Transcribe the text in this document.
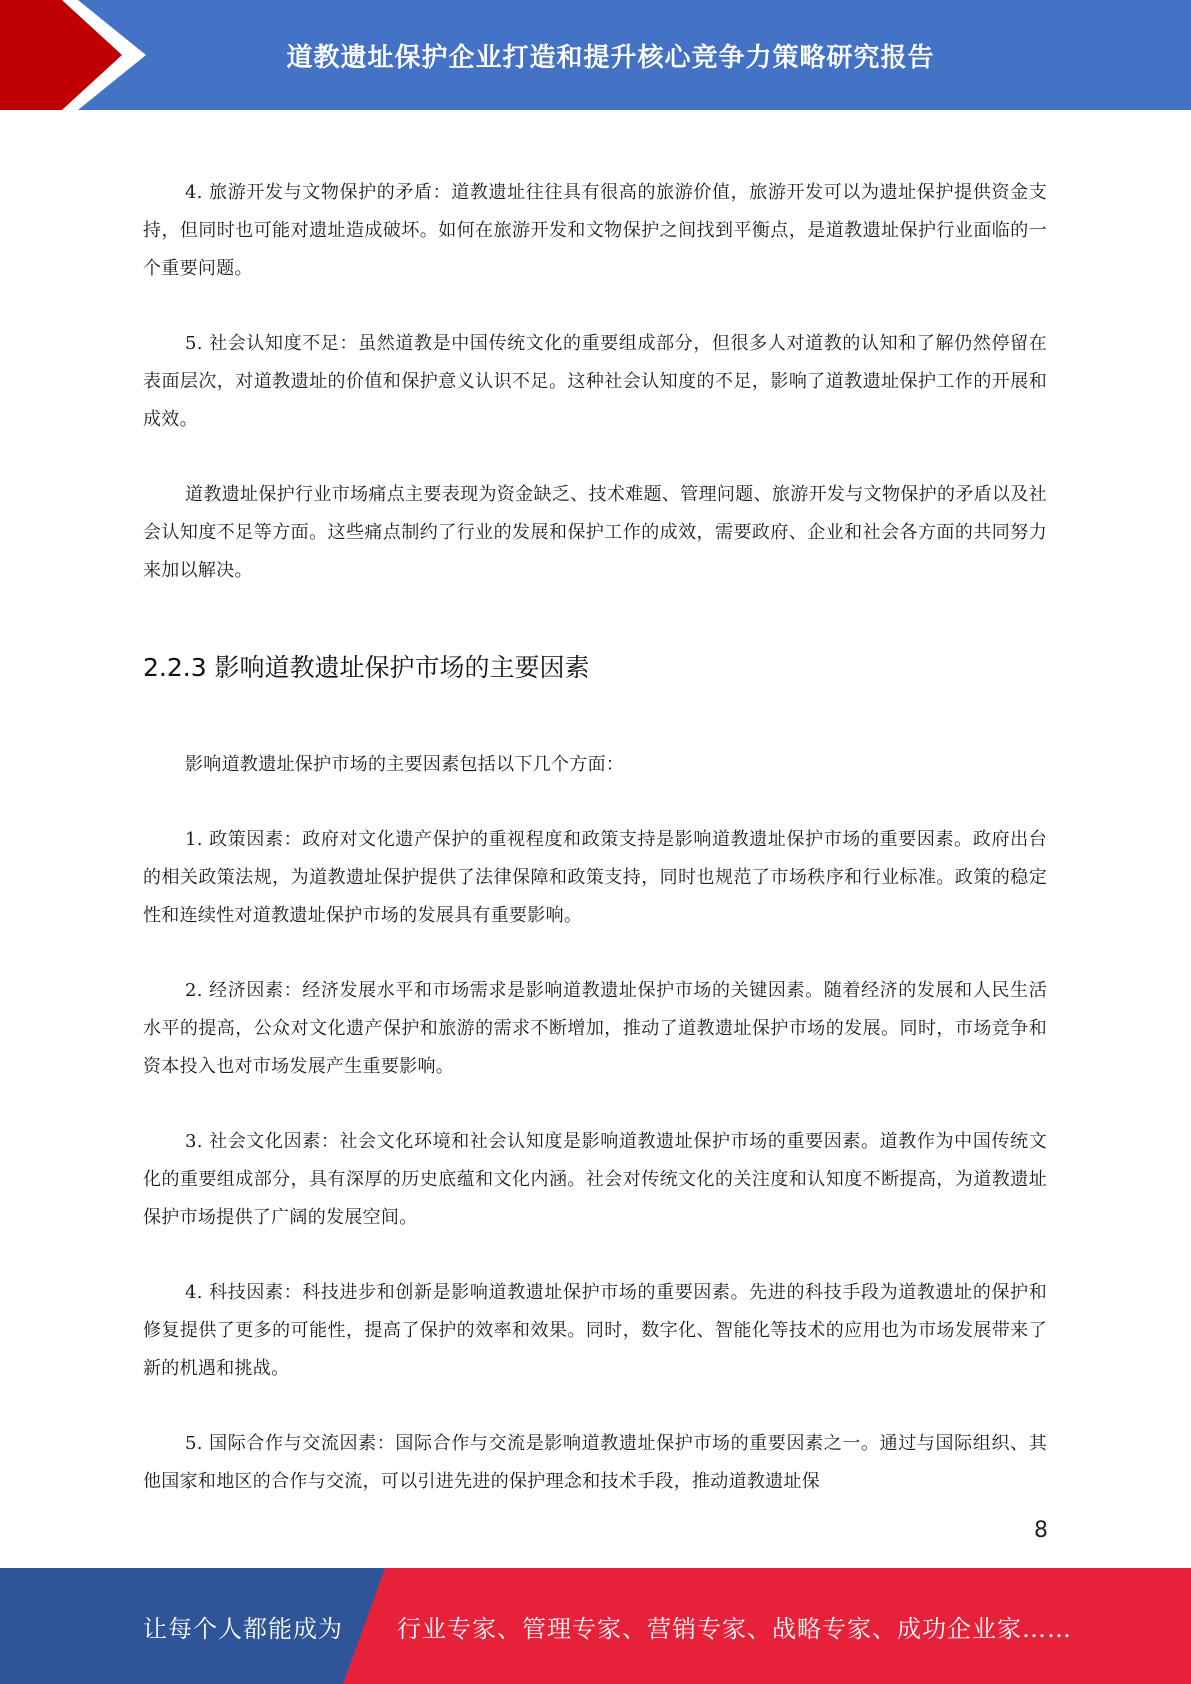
道教遗址保护企业打造和提升核心竞争力策略研究报告

4. 旅游开发与文物保护的矛盾：道教遗址往往具有很高的旅游价值，旅游开发可以为遗址保护提供资金支持，但同时也可能对遗址造成破坏。如何在旅游开发和文物保护之间找到平衡点，是道教遗址保护行业面临的一个重要问题。

5. 社会认知度不足：虽然道教是中国传统文化的重要组成部分，但很多人对道教的认知和了解仍然停留在表面层次，对道教遗址的价值和保护意义认识不足。这种社会认知度的不足，影响了道教遗址保护工作的开展和成效。

道教遗址保护行业市场痛点主要表现为资金缺乏、技术难题、管理问题、旅游开发与文物保护的矛盾以及社会认知度不足等方面。这些痛点制约了行业的发展和保护工作的成效，需要政府、企业和社会各方面的共同努力来加以解决。

2.2.3 影响道教遗址保护市场的主要因素

影响道教遗址保护市场的主要因素包括以下几个方面：

1. 政策因素：政府对文化遗产保护的重视程度和政策支持是影响道教遗址保护市场的重要因素。政府出台的相关政策法规，为道教遗址保护提供了法律保障和政策支持，同时也规范了市场秩序和行业标准。政策的稳定性和连续性对道教遗址保护市场的发展具有重要影响。

2. 经济因素：经济发展水平和市场需求是影响道教遗址保护市场的关键因素。随着经济的发展和人民生活水平的提高，公众对文化遗产保护和旅游的需求不断增加，推动了道教遗址保护市场的发展。同时，市场竞争和资本投入也对市场发展产生重要影响。

3. 社会文化因素：社会文化环境和社会认知度是影响道教遗址保护市场的重要因素。道教作为中国传统文化的重要组成部分，具有深厚的历史底蕴和文化内涵。社会对传统文化的关注度和认知度不断提高，为道教遗址保护市场提供了广阔的发展空间。

4. 科技因素：科技进步和创新是影响道教遗址保护市场的重要因素。先进的科技手段为道教遗址的保护和修复提供了更多的可能性，提高了保护的效率和效果。同时，数字化、智能化等技术的应用也为市场发展带来了新的机遇和挑战。

5. 国际合作与交流因素：国际合作与交流是影响道教遗址保护市场的重要因素之一。通过与国际组织、其他国家和地区的合作与交流，可以引进先进的保护理念和技术手段，推动道教遗址保

8
让每个人都能成为 行业专家、管理专家、营销专家、战略专家、成功企业家……
